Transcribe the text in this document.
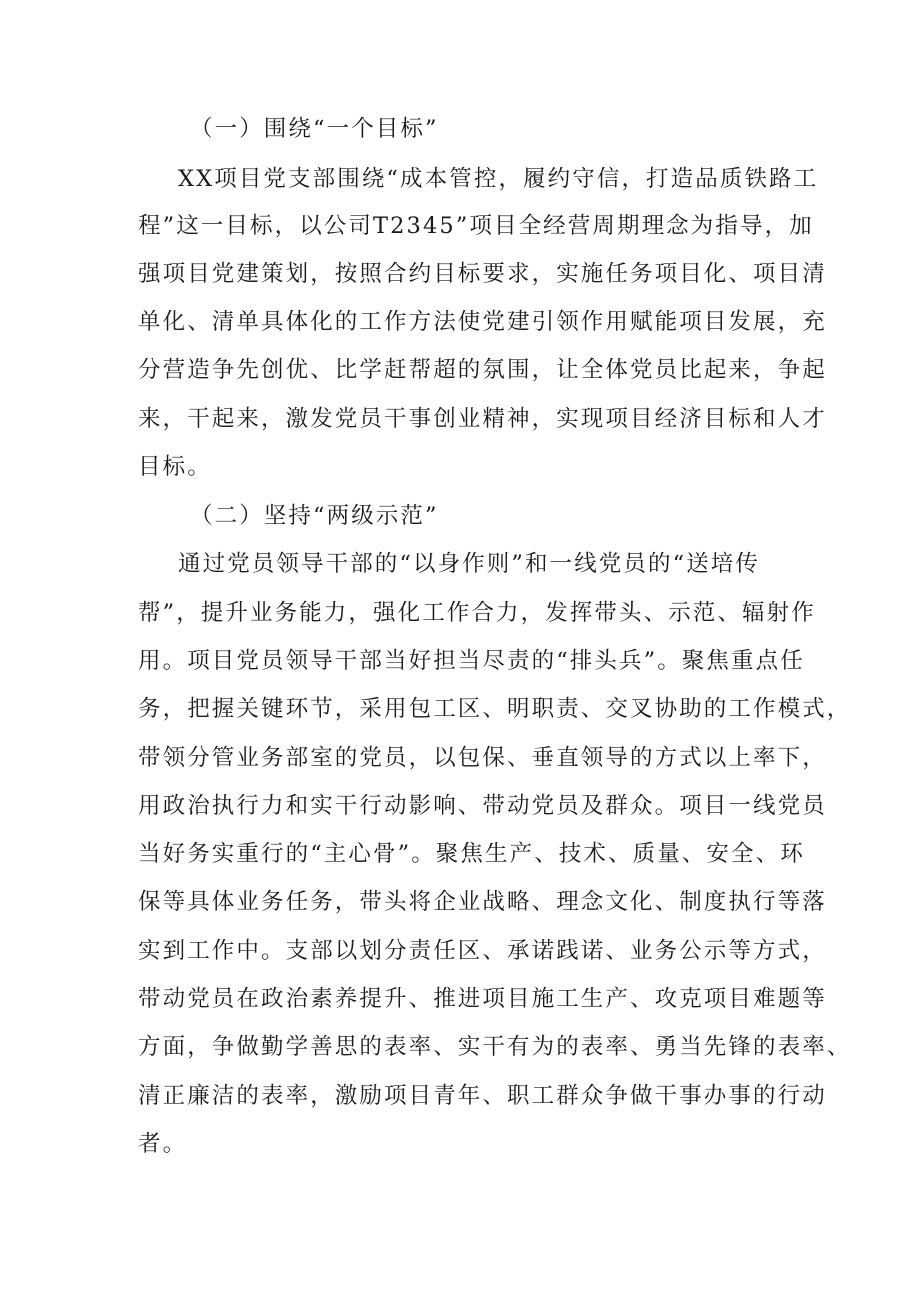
（一）围绕“一个目标”
XX项目党支部围绕“成本管控，履约守信，打造品质铁路工
程”这一目标，以公司T2345”项目全经营周期理念为指导，加
强项目党建策划，按照合约目标要求，实施任务项目化、项目清
单化、清单具体化的工作方法使党建引领作用赋能项目发展，充
分营造争先创优、比学赶帮超的氛围，让全体党员比起来，争起
来，干起来，激发党员干事创业精神，实现项目经济目标和人才
目标。
（二）坚持“两级示范”
通过党员领导干部的“以身作则”和一线党员的“送培传
帮”，提升业务能力，强化工作合力，发挥带头、示范、辐射作
用。项目党员领导干部当好担当尽责的“排头兵”。聚焦重点任
务，把握关键环节，采用包工区、明职责、交叉协助的工作模式，
带领分管业务部室的党员，以包保、垂直领导的方式以上率下，
用政治执行力和实干行动影响、带动党员及群众。项目一线党员
当好务实重行的“主心骨”。聚焦生产、技术、质量、安全、环
保等具体业务任务，带头将企业战略、理念文化、制度执行等落
实到工作中。支部以划分责任区、承诺践诺、业务公示等方式，
带动党员在政治素养提升、推进项目施工生产、攻克项目难题等
方面，争做勤学善思的表率、实干有为的表率、勇当先锋的表率、
清正廉洁的表率，激励项目青年、职工群众争做干事办事的行动
者。
